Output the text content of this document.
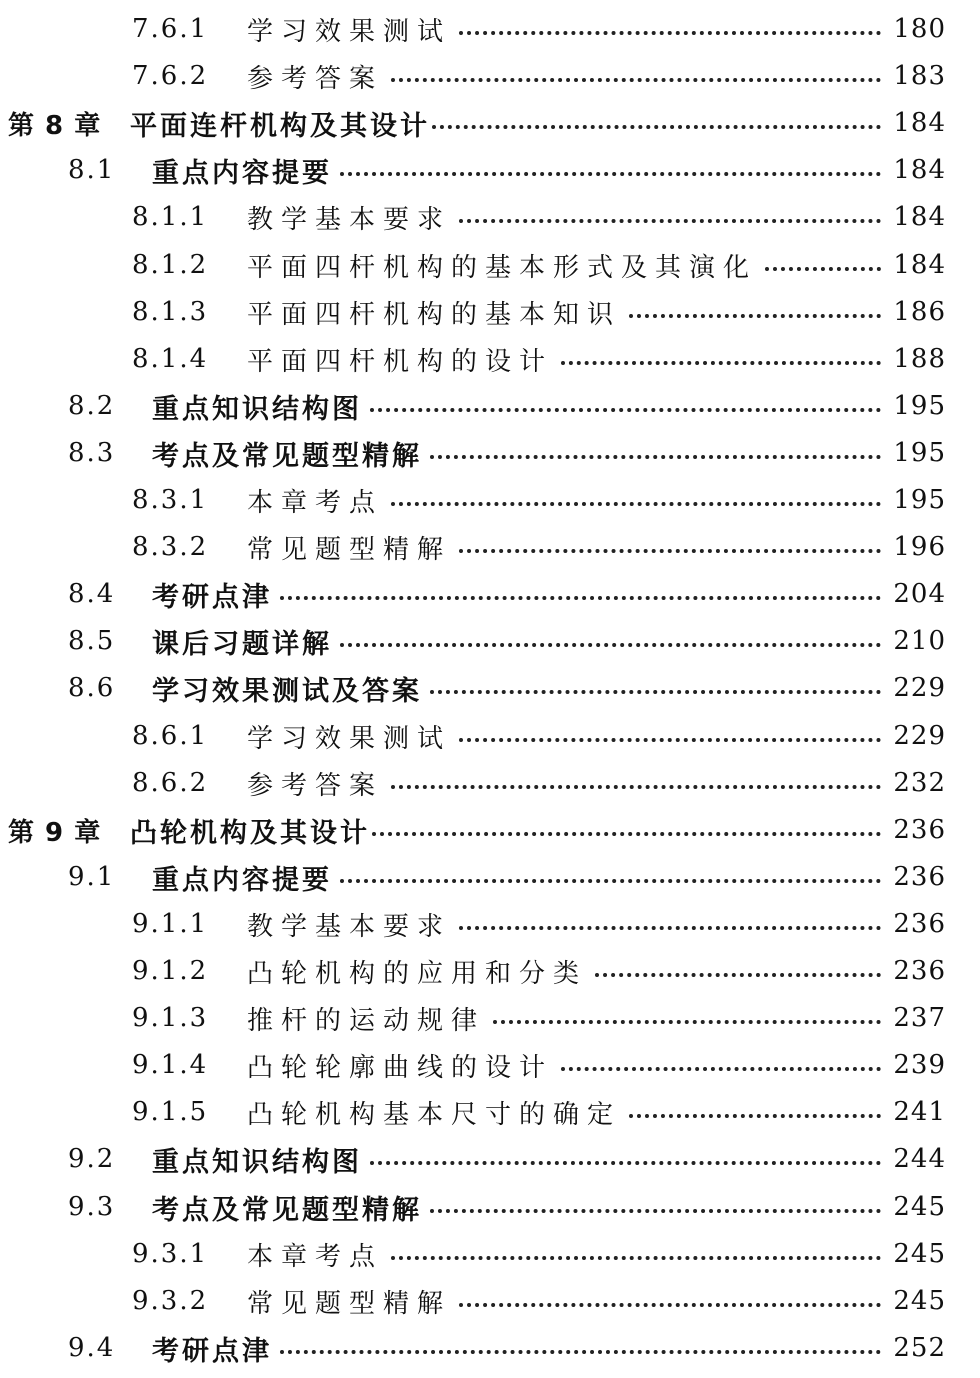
7.6.1	学习效果测试	180
7.6.2	参考答案	183
第 8 章	平面连杆机构及其设计	184
8.1	重点内容提要	184
8.1.1	教学基本要求	184
8.1.2	平面四杆机构的基本形式及其演化	184
8.1.3	平面四杆机构的基本知识	186
8.1.4	平面四杆机构的设计	188
8.2	重点知识结构图	195
8.3	考点及常见题型精解	195
8.3.1	本章考点	195
8.3.2	常见题型精解	196
8.4	考研点津	204
8.5	课后习题详解	210
8.6	学习效果测试及答案	229
8.6.1	学习效果测试	229
8.6.2	参考答案	232
第 9 章	凸轮机构及其设计	236
9.1	重点内容提要	236
9.1.1	教学基本要求	236
9.1.2	凸轮机构的应用和分类	236
9.1.3	推杆的运动规律	237
9.1.4	凸轮轮廓曲线的设计	239
9.1.5	凸轮机构基本尺寸的确定	241
9.2	重点知识结构图	244
9.3	考点及常见题型精解	245
9.3.1	本章考点	245
9.3.2	常见题型精解	245
9.4	考研点津	252
